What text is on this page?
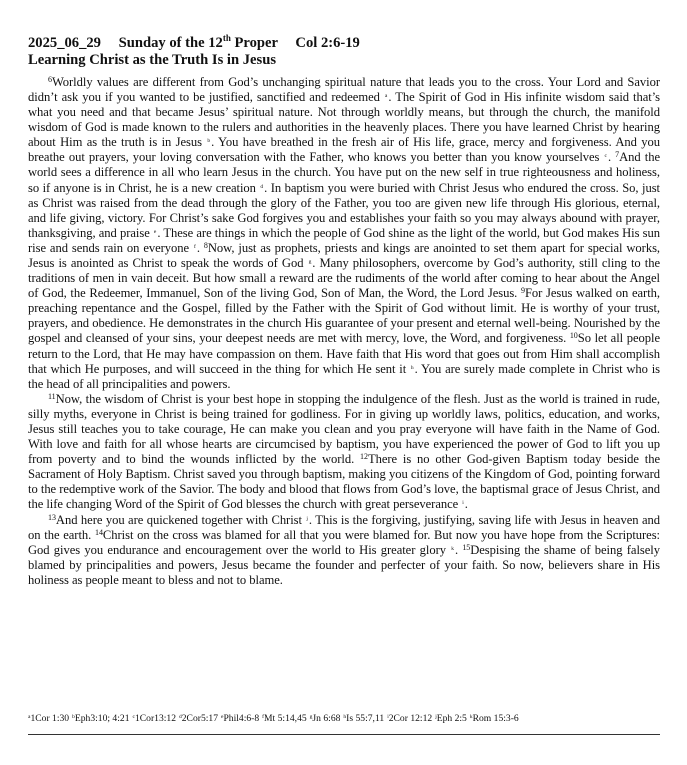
2025_06_29 Sunday of the 12th Proper Col 2:6-19
Learning Christ as the Truth Is in Jesus

$^6$Worldly values are different from God’s unchanging spiritual nature that leads you to the cross. Your Lord and Savior didn’t ask you if you wanted to be justified, sanctified and redeemed $^a$. The Spirit of God in His infinite wisdom said that’s what you need and that became Jesus’ spiritual nature. Not through worldly means, but through the church, the manifold wisdom of God is made known to the rulers and authorities in the heavenly places. There you have learned Christ by hearing about Him as the truth is in Jesus $^b$. You have breathed in the fresh air of His life, grace, mercy and forgiveness. And you breathe out prayers, your loving conversation with the Father, who knows you better than you know yourselves $^c$. $^7$And the world sees a difference in all who learn Jesus in the church. You have put on the new self in true righteousness and holiness, so if anyone is in Christ, he is a new creation $^d$. In baptism you were buried with Christ Jesus who endured the cross. So, just as Christ was raised from the dead through the glory of the Father, you too are given new life through His glorious, eternal, and life giving, victory. For Christ’s sake God forgives you and establishes your faith so you may always abound with prayer, thanksgiving, and praise $^e$. These are things in which the people of God shine as the light of the world, but God makes His sun rise and sends rain on everyone $^f$. $^8$Now, just as prophets, priests and kings are anointed to set them apart for special works, Jesus is anointed as Christ to speak the words of God $^g$. Many philosophers, overcome by God’s authority, still cling to the traditions of men in vain deceit. But how small a reward are the rudiments of the world after coming to hear about the Angel of God, the Redeemer, Immanuel, Son of the living God, Son of Man, the Word, the Lord Jesus. $^9$For Jesus walked on earth, preaching repentance and the Gospel, filled by the Father with the Spirit of God without limit. He is worthy of your trust, prayers, and obedience. He demonstrates in the church His guarantee of your present and eternal well-being. Nourished by the gospel and cleansed of your sins, your deepest needs are met with mercy, love, the Word, and forgiveness. $^{10}$So let all people return to the Lord, that He may have compassion on them. Have faith that His word that goes out from Him shall accomplish that which He purposes, and will succeed in the thing for which He sent it $^h$. You are surely made complete in Christ who is the head of all principalities and powers.

$^{11}$Now, the wisdom of Christ is your best hope in stopping the indulgence of the flesh. Just as the world is trained in rude, silly myths, everyone in Christ is being trained for godliness. For in giving up worldly laws, politics, education, and works, Jesus still teaches you to take courage, He can make you clean and you pray everyone will have faith in the Name of God. With love and faith for all whose hearts are circumcised by baptism, you have experienced the power of God to lift you up from poverty and to bind the wounds inflicted by the world. $^{12}$There is no other God-given Baptism today beside the Sacrament of Holy Baptism. Christ saved you through baptism, making you citizens of the Kingdom of God, pointing forward to the redemptive work of the Savior. The body and blood that flows from God’s love, the baptismal grace of Jesus Christ, and the life changing Word of the Spirit of God blesses the church with great perseverance $^i$.

$^{13}$And here you are quickened together with Christ $^j$. This is the forgiving, justifying, saving life with Jesus in heaven and on the earth. $^{14}$Christ on the cross was blamed for all that you were blamed for. But now you have hope from the Scriptures: God gives you endurance and encouragement over the world to His greater glory $^k$. $^{15}$Despising the shame of being falsely blamed by principalities and powers, Jesus became the founder and perfecter of your faith. So now, believers share in His holiness as people meant to bless and not to blame.

$^a$1Cor 1:30 $^b$Eph3:10; 4:21 $^c$1Cor13:12 $^d$2Cor5:17 $^e$Phil4:6-8 $^f$Mt 5:14,45 $^g$Jn 6:68 $^h$Is 55:7,11 $^i$2Cor 12:12 $^j$Eph 2:5 $^k$Rom 15:3-6
